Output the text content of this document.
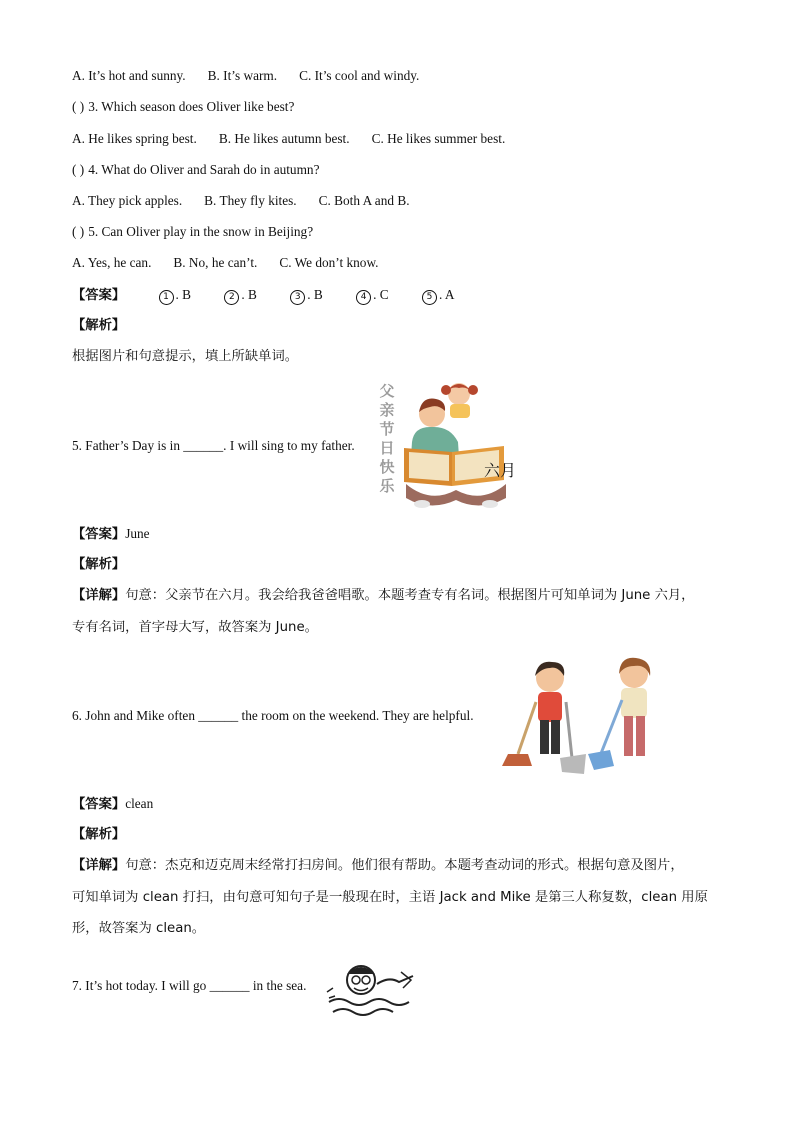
A. It’s hot and sunny. B. It’s warm. C. It’s cool and windy.
( ) 3. Which season does Oliver like best?
A. He likes spring best. B. He likes autumn best. C. He likes summer best.
( ) 4. What do Oliver and Sarah do in autumn?
A. They pick apples. B. They fly kites. C. Both A and B.
( ) 5. Can Oliver play in the snow in Beijing?
A. Yes, he can. B. No, he can’t. C. We don’t know.
【答案】	1 . B	2 . B	3 . B	4 . C	5 . A
【解析】
根据图片和句意提示，填上所缺单词。
5. Father’s Day is in ______. I will sing to my father.
父
亲
节
日
快
乐
六月
【答案】June
【解析】
【详解】句意：父亲节在六月。我会给我爸爸唱歌。本题考查专有名词。根据图片可知单词为 June 六月，
专有名词，首字母大写，故答案为 June。
6. John and Mike often ______ the room on the weekend. They are helpful.
【答案】clean
【解析】
【详解】句意：杰克和迈克周末经常打扫房间。他们很有帮助。本题考查动词的形式。根据句意及图片，
可知单词为 clean 打扫，由句意可知句子是一般现在时，主语 Jack and Mike 是第三人称复数，clean 用原
形，故答案为 clean。
7. It’s hot today. I will go ______ in the sea.
